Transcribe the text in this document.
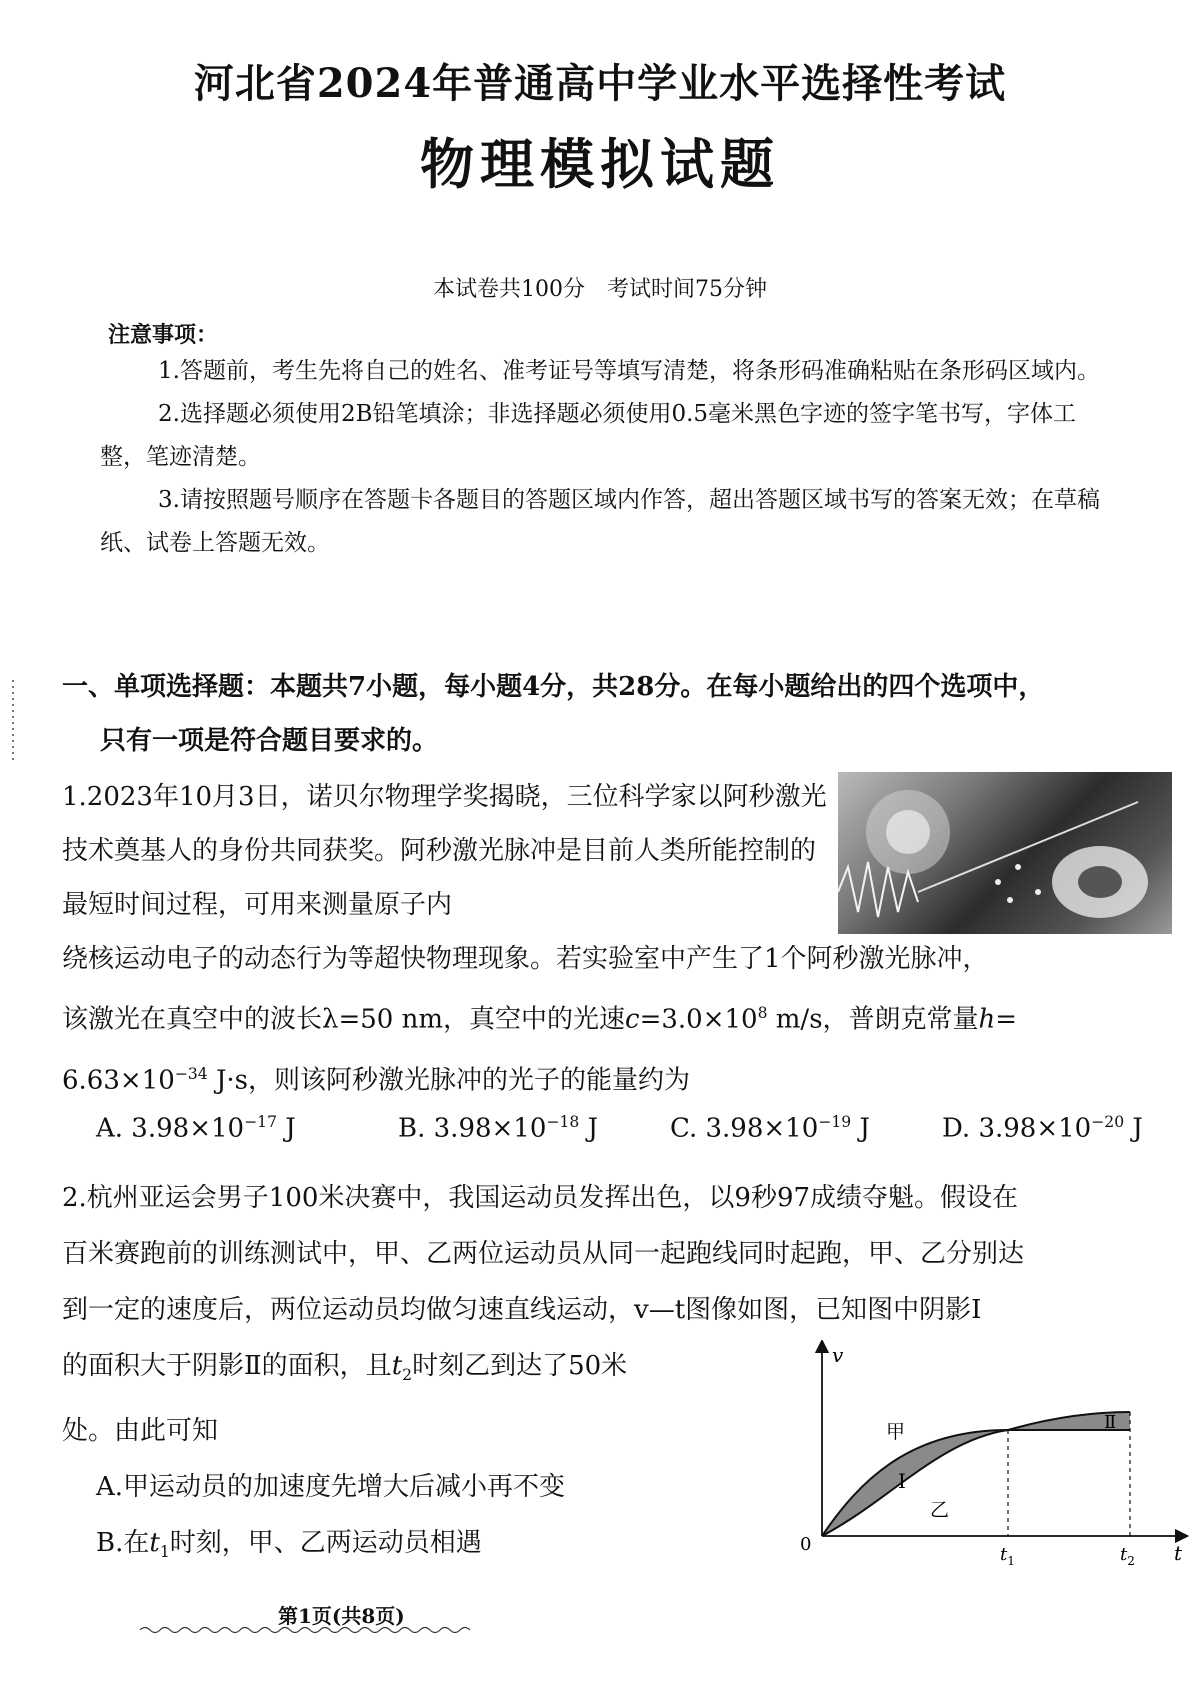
河北省2024年普通高中学业水平选择性考试
物理模拟试题
本试卷共100分　考试时间75分钟
注意事项：

1.答题前，考生先将自己的姓名、准考证号等填写清楚，将条形码准确粘贴在条形码区域内。

2.选择题必须使用2B铅笔填涂；非选择题必须使用0.5毫米黑色字迹的签字笔书写，字体工整，笔迹清楚。

3.请按照题号顺序在答题卡各题目的答题区域内作答，超出答题区域书写的答案无效；在草稿纸、试卷上答题无效。

一、单项选择题：本题共7小题，每小题4分，共28分。在每小题给出的四个选项中，
只有一项是符合题目要求的。
1.2023年10月3日，诺贝尔物理学奖揭晓，三位科学家以阿秒激光技术奠基人的身份共同获奖。阿秒激光脉冲是目前人类所能控制的最短时间过程，可用来测量原子内
绕核运动电子的动态行为等超快物理现象。若实验室中产生了1个阿秒激光脉冲，
该激光在真空中的波长λ=50 nm，真空中的光速$c=3.0\times 10^8$ m/s，普朗克常量h=
$6.63\times 10^{-34}$ J·s，则该阿秒激光脉冲的光子的能量约为
A. $3.98\times 10^{-17}$ J	B. $3.98\times 10^{-18}$ J	C. $3.98\times 10^{-19}$ J	D. $3.98\times 10^{-20}$ J
2.杭州亚运会男子100米决赛中，我国运动员发挥出色，以9秒97成绩夺魁。假设在
百米赛跑前的训练测试中，甲、乙两位运动员从同一起跑线同时起跑，甲、乙分别达
到一定的速度后，两位运动员均做匀速直线运动，v—t图像如图，已知图中阴影Ⅰ
的面积大于阴影Ⅱ的面积，且$t_2$时刻乙到达了50米
处。由此可知
A.甲运动员的加速度先增大后减小再不变
B.在$t_1$时刻，甲、乙两运动员相遇
v
t
0
甲
乙
Ⅰ
Ⅱ
$t_1$	$t_2$
第1页(共8页)
